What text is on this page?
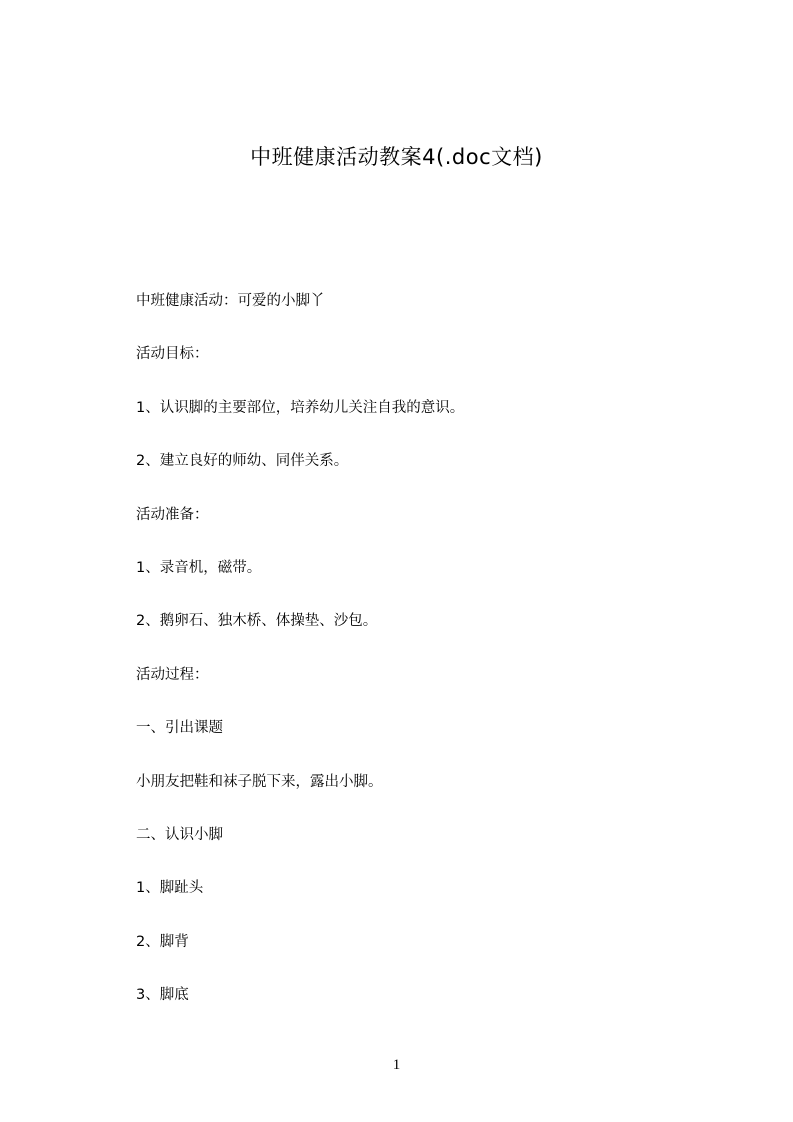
中班健康活动教案4(.doc文档)
中班健康活动：可爱的小脚丫
活动目标：
1、认识脚的主要部位，培养幼儿关注自我的意识。
2、建立良好的师幼、同伴关系。
活动准备：
1、录音机，磁带。
2、鹅卵石、独木桥、体操垫、沙包。
活动过程：
一、引出课题
小朋友把鞋和袜子脱下来，露出小脚。
二、认识小脚
1、脚趾头
2、脚背
3、脚底
1
